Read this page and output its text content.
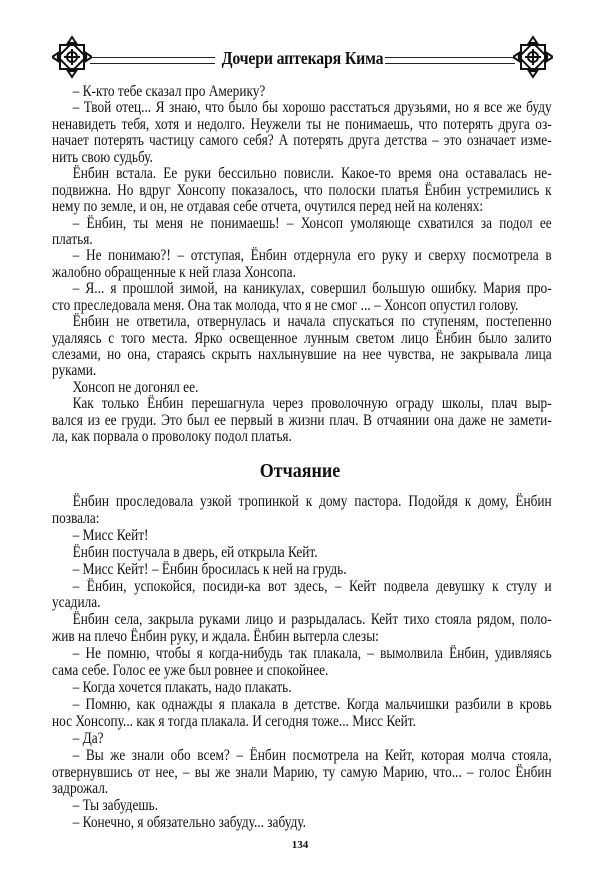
Дочери аптекаря Кима
– К-кто тебе сказал про Америку?
– Твой отец... Я знаю, что было бы хорошо расстаться друзьями, но я все же буду
ненавидеть тебя, хотя и недолго. Неужели ты не понимаешь, что потерять друга оз-
начает потерять частицу самого себя? А потерять друга детства – это означает изме-
нить свою судьбу.
Ёнбин встала. Ее руки бессильно повисли. Какое-то время она оставалась не-
подвижна. Но вдруг Хонсопу показалось, что полоски платья Ёнбин устремились к
нему по земле, и он, не отдавая себе отчета, очутился перед ней на коленях:
– Ёнбин, ты меня не понимаешь! – Хонсоп умоляюще схватился за подол ее
платья.
– Не понимаю?! – отступая, Ёнбин отдернула его руку и сверху посмотрела в
жалобно обращенные к ней глаза Хонсопа.
– Я... я прошлой зимой, на каникулах, совершил большую ошибку. Мария про-
сто преследовала меня. Она так молода, что я не смог ... – Хонсоп опустил голову.
Ёнбин не ответила, отвернулась и начала спускаться по ступеням, постепенно
удаляясь с того места. Ярко освещенное лунным светом лицо Ёнбин было залито
слезами, но она, стараясь скрыть нахлынувшие на нее чувства, не закрывала лица
руками.
Хонсоп не догонял ее.
Как только Ёнбин перешагнула через проволочную ограду школы, плач выр-
вался из ее груди. Это был ее первый в жизни плач. В отчаянии она даже не замети-
ла, как порвала о проволоку подол платья.
Отчаяние
Ёнбин проследовала узкой тропинкой к дому пастора. Подойдя к дому, Ёнбин
позвала:
– Мисс Кейт!
Ёнбин постучала в дверь, ей открыла Кейт.
– Мисс Кейт! – Ёнбин бросилась к ней на грудь.
– Ёнбин, успокойся, посиди-ка вот здесь, – Кейт подвела девушку к стулу и
усадила.
Ёнбин села, закрыла руками лицо и разрыдалась. Кейт тихо стояла рядом, поло-
жив на плечо Ёнбин руку, и ждала. Ёнбин вытерла слезы:
– Не помню, чтобы я когда-нибудь так плакала, – вымолвила Ёнбин, удивляясь
сама себе. Голос ее уже был ровнее и спокойнее.
– Когда хочется плакать, надо плакать.
– Помню, как однажды я плакала в детстве. Когда мальчишки разбили в кровь
нос Хонсопу... как я тогда плакала. И сегодня тоже... Мисс Кейт.
– Да?
– Вы же знали обо всем? – Ёнбин посмотрела на Кейт, которая молча стояла,
отвернувшись от нее, – вы же знали Марию, ту самую Марию, что... – голос Ёнбин
задрожал.
– Ты забудешь.
– Конечно, я обязательно забуду... забуду.
134
